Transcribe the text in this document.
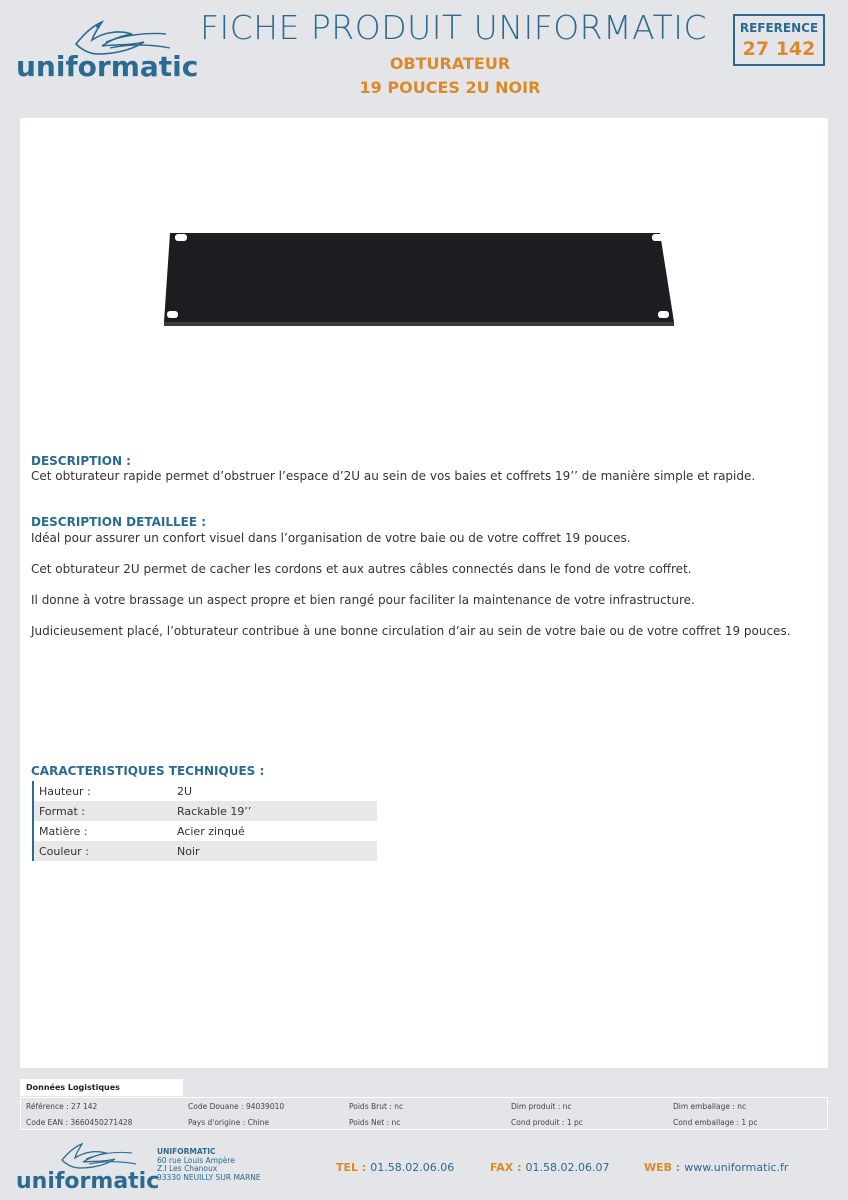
uniformatic
FICHE PRODUIT UNIFORMATIC
OBTURATEUR
19 POUCES 2U NOIR
REFERENCE
27 142
DESCRIPTION :
Cet obturateur rapide permet d’obstruer l’espace d’2U au sein de vos baies et coffrets 19’’ de manière simple et rapide.
DESCRIPTION DETAILLEE :
Idéal pour assurer un confort visuel dans l’organisation de votre baie ou de votre coffret 19 pouces.
Cet obturateur 2U permet de cacher les cordons et aux autres câbles connectés dans le fond de votre coffret.
Il donne à votre brassage un aspect propre et bien rangé pour faciliter la maintenance de votre infrastructure.
Judicieusement placé, l’obturateur contribue à une bonne circulation d’air au sein de votre baie ou de votre coffret 19 pouces.
CARACTERISTIQUES TECHNIQUES :
Hauteur :	2U
Format :	Rackable 19’’
Matière :	Acier zinqué
Couleur :	Noir
Données Logistiques
Référence : 27 142	Code Douane : 94039010	Poids Brut : nc	Dim produit : nc	Dim emballage : nc
Code EAN : 3660450271428	Pays d'origine : Chine	Poids Net : nc	Cond produit : 1 pc	Cond emballage : 1 pc
uniformatic
UNIFORMATIC
60 rue Louis Ampère
Z.I Les Chanoux
93330 NEUILLY SUR MARNE
TEL : 01.58.02.06.06	FAX : 01.58.02.06.07	WEB : www.uniformatic.fr
